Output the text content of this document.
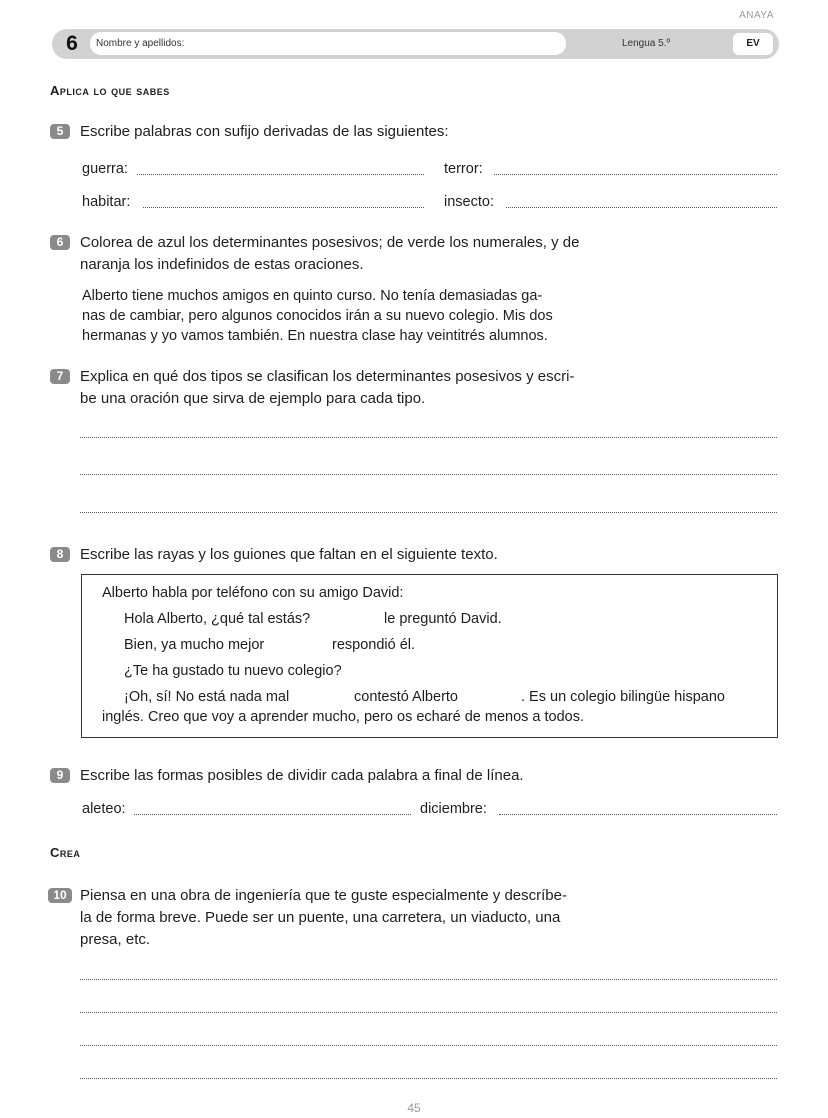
ANAYA
6	Nombre y apellidos:	Lengua 5.º	EV
Aplica lo que sabes
5	Escribe palabras con sufijo derivadas de las siguientes:
guerra:	terror:
habitar:	insecto:
6	Colorea de azul los determinantes posesivos; de verde los numerales, y de
naranja los indefinidos de estas oraciones.
Alberto tiene muchos amigos en quinto curso. No tenía demasiadas ga-
nas de cambiar, pero algunos conocidos irán a su nuevo colegio. Mis dos
hermanas y yo vamos también. En nuestra clase hay veintitrés alumnos.
7	Explica en qué dos tipos se clasifican los determinantes posesivos y escri-
be una oración que sirva de ejemplo para cada tipo.
8	Escribe las rayas y los guiones que faltan en el siguiente texto.
Alberto habla por teléfono con su amigo David:
Hola Alberto, ¿qué tal estás?	le preguntó David.
Bien, ya mucho mejor	respondió él.
¿Te ha gustado tu nuevo colegio?
¡Oh, sí! No está nada mal	contestó Alberto	. Es un colegio bilingüe hispano
inglés. Creo que voy a aprender mucho, pero os echaré de menos a todos.
9	Escribe las formas posibles de dividir cada palabra a final de línea.
aleteo:	diciembre:
Crea
10 Piensa en una obra de ingeniería que te guste especialmente y descríbe-
la de forma breve. Puede ser un puente, una carretera, un viaducto, una
presa, etc.
45
